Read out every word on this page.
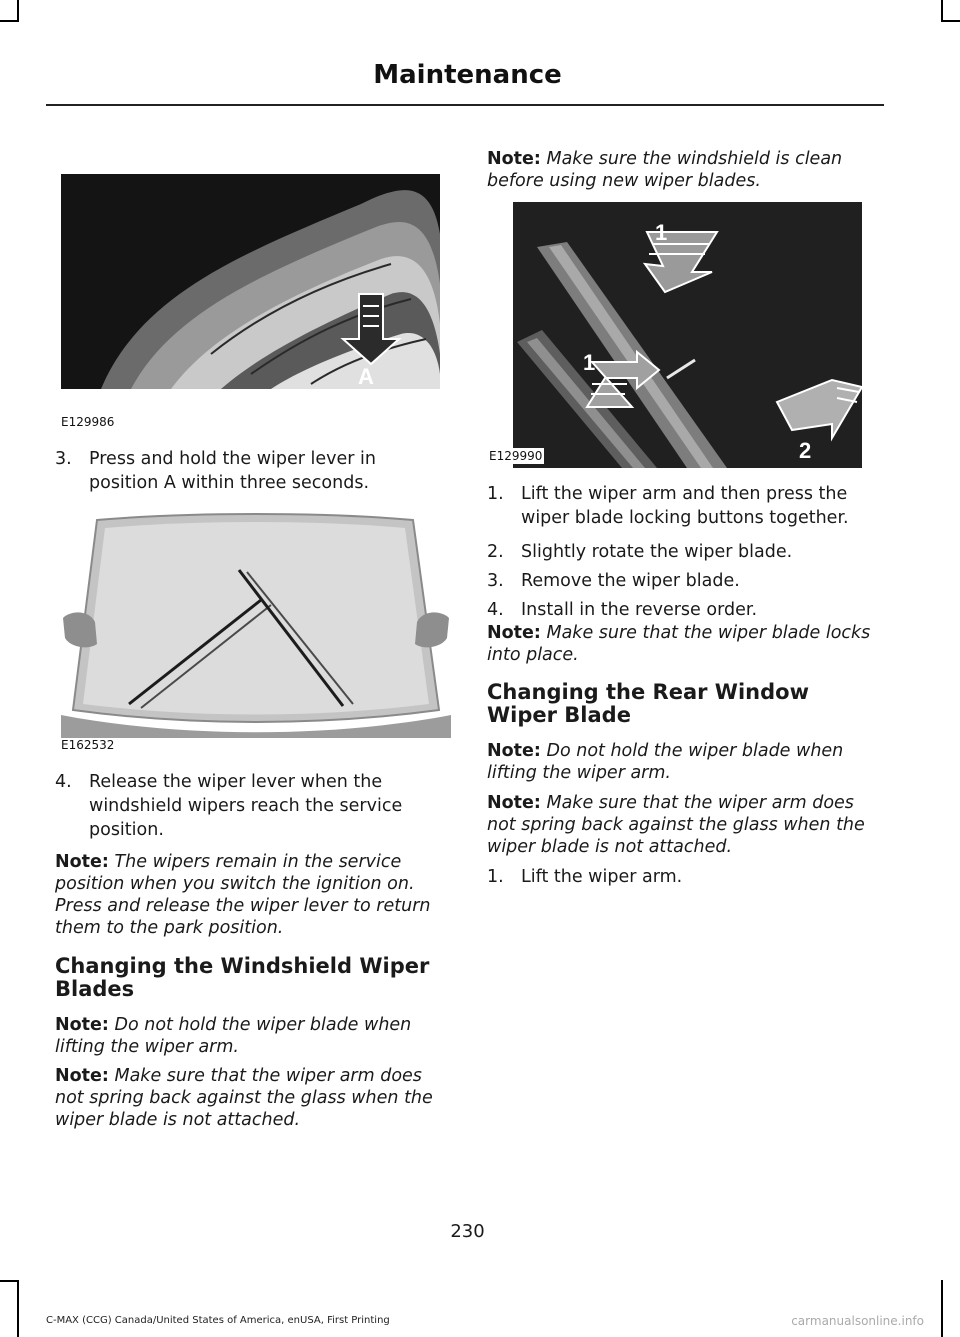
Maintenance
A
E129986
3. Press and hold the wiper lever in position A within three seconds.
E162532
4. Release the wiper lever when the windshield wipers reach the service position.
Note: The wipers remain in the service position when you switch the ignition on. Press and release the wiper lever to return them to the park position.
Changing the Windshield Wiper Blades
Note: Do not hold the wiper blade when lifting the wiper arm.
Note: Make sure that the wiper arm does not spring back against the glass when the wiper blade is not attached.
Note: Make sure the windshield is clean before using new wiper blades.
1
1
2
E129990
1. Lift the wiper arm and then press the wiper blade locking buttons together.
2. Slightly rotate the wiper blade.
3. Remove the wiper blade.
4. Install in the reverse order.
Note: Make sure that the wiper blade locks into place.
Changing the Rear Window Wiper Blade
Note: Do not hold the wiper blade when lifting the wiper arm.
Note: Make sure that the wiper arm does not spring back against the glass when the wiper blade is not attached.
1. Lift the wiper arm.
230
C-MAX (CCG) Canada/United States of America, enUSA, First Printing	carmanualsonline.info
